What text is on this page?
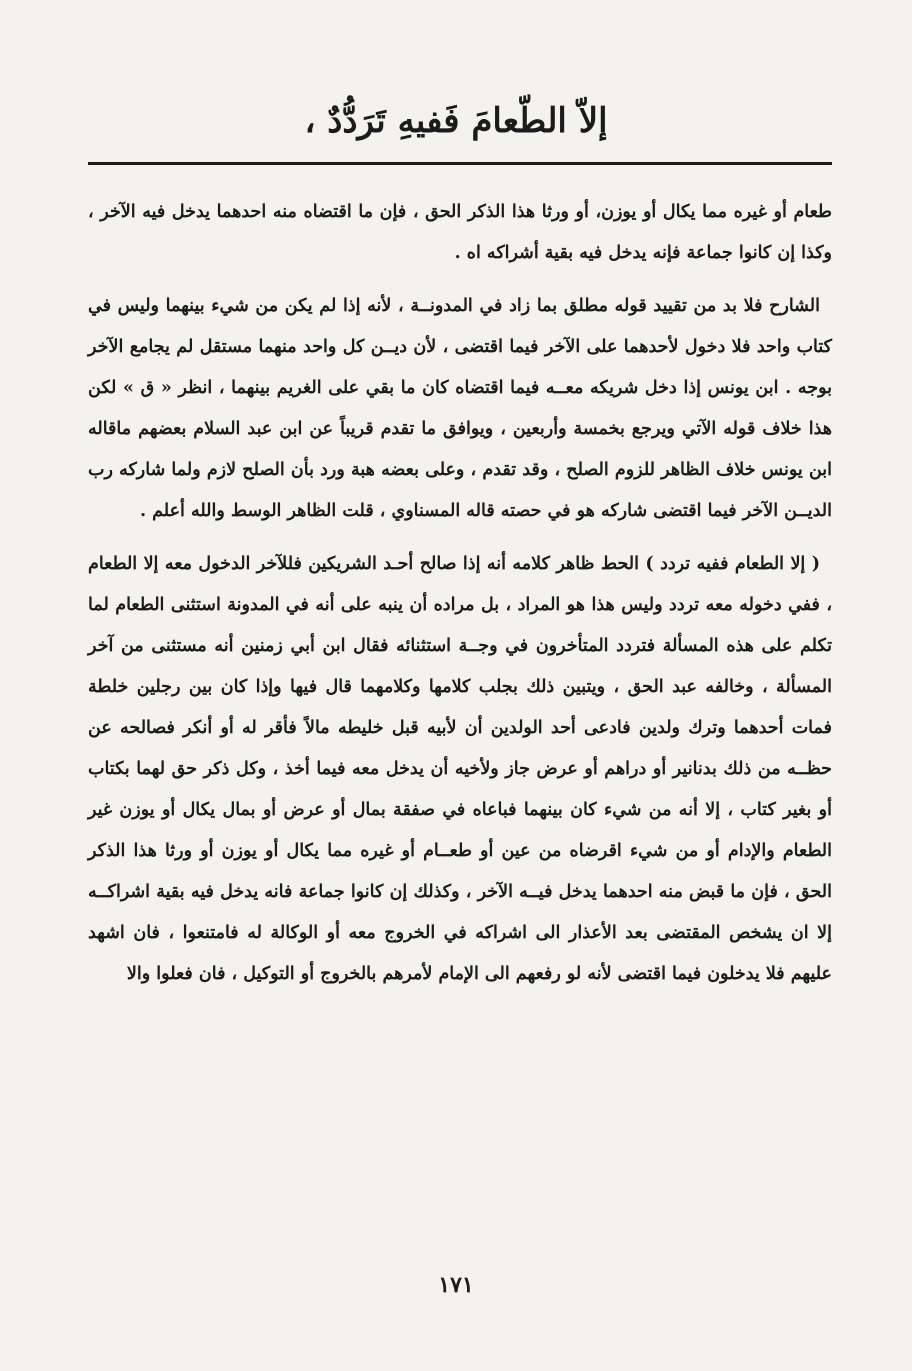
إلاّ الطّعامَ فَفيهِ تَرَدُّدٌ ،

طعام أو غيره مما يكال أو يوزن، أو ورثا هذا الذكر الحق ، فإن ما اقتضاه منه احدهما يدخل فيه الآخر ، وكذا إن كانوا جماعة فإنه يدخل فيه بقية أشراكه اه .

الشارح فلا بد من تقييد قوله مطلق بما زاد في المدونــة ، لأنه إذا لم يكن من شيء بينهما وليس في كتاب واحد فلا دخول لأحدهما على الآخر فيما اقتضى ، لأن ديــن كل واحد منهما مستقل لم يجامع الآخر بوجه . ابن يونس إذا دخل شريكه معــه فيما اقتضاه كان ما بقي على الغريم بينهما ، انظر « ق » لكن هذا خلاف قوله الآتي ويرجع بخمسة وأربعين ، ويوافق ما تقدم قريباً عن ابن عبد السلام بعضهم ماقاله ابن يونس خلاف الظاهر للزوم الصلح ، وقد تقدم ، وعلى بعضه هبة ورد بأن الصلح لازم ولما شاركه رب الديــن الآخر فيما اقتضى شاركه هو في حصته قاله المسناوي ، قلت الظاهر الوسط والله أعلم .

( إلا الطعام ففيه تردد ) الحط ظاهر كلامه أنه إذا صالح أحـد الشريكين فللآخر الدخول معه إلا الطعام ، ففي دخوله معه تردد وليس هذا هو المراد ، بل مراده أن ينبه على أنه في المدونة استثنى الطعام لما تكلم على هذه المسألة فتردد المتأخرون في وجــة استثنائه فقال ابن أبي زمنين أنه مستثنى من آخر المسألة ، وخالفه عبد الحق ، ويتبين ذلك بجلب كلامها وكلامهما قال فيها وإذا كان بين رجلين خلطة فمات أحدهما وترك ولدين فادعى أحد الولدين أن لأبيه قبل خليطه مالاً فأقر له أو أنكر فصالحه عن حظــه من ذلك بدنانير أو دراهم أو عرض جاز ولأخيه أن يدخل معه فيما أخذ ، وكل ذكر حق لهما بكتاب أو بغير كتاب ، إلا أنه من شيء كان بينهما فباعاه في صفقة بمال أو عرض أو بمال يكال أو يوزن غير الطعام والإدام أو من شيء اقرضاه من عين أو طعــام أو غيره مما يكال أو يوزن أو ورثا هذا الذكر الحق ، فإن ما قبض منه احدهما يدخل فيــه الآخر ، وكذلك إن كانوا جماعة فانه يدخل فيه بقية اشراكــه إلا ان يشخص المقتضى بعد الأعذار الى اشراكه في الخروج معه أو الوكالة له فامتنعوا ، فان اشهد عليهم فلا يدخلون فيما اقتضى لأنه لو رفعهم الى الإمام لأمرهم بالخروج أو التوكيل ، فان فعلوا والا

١٧١
